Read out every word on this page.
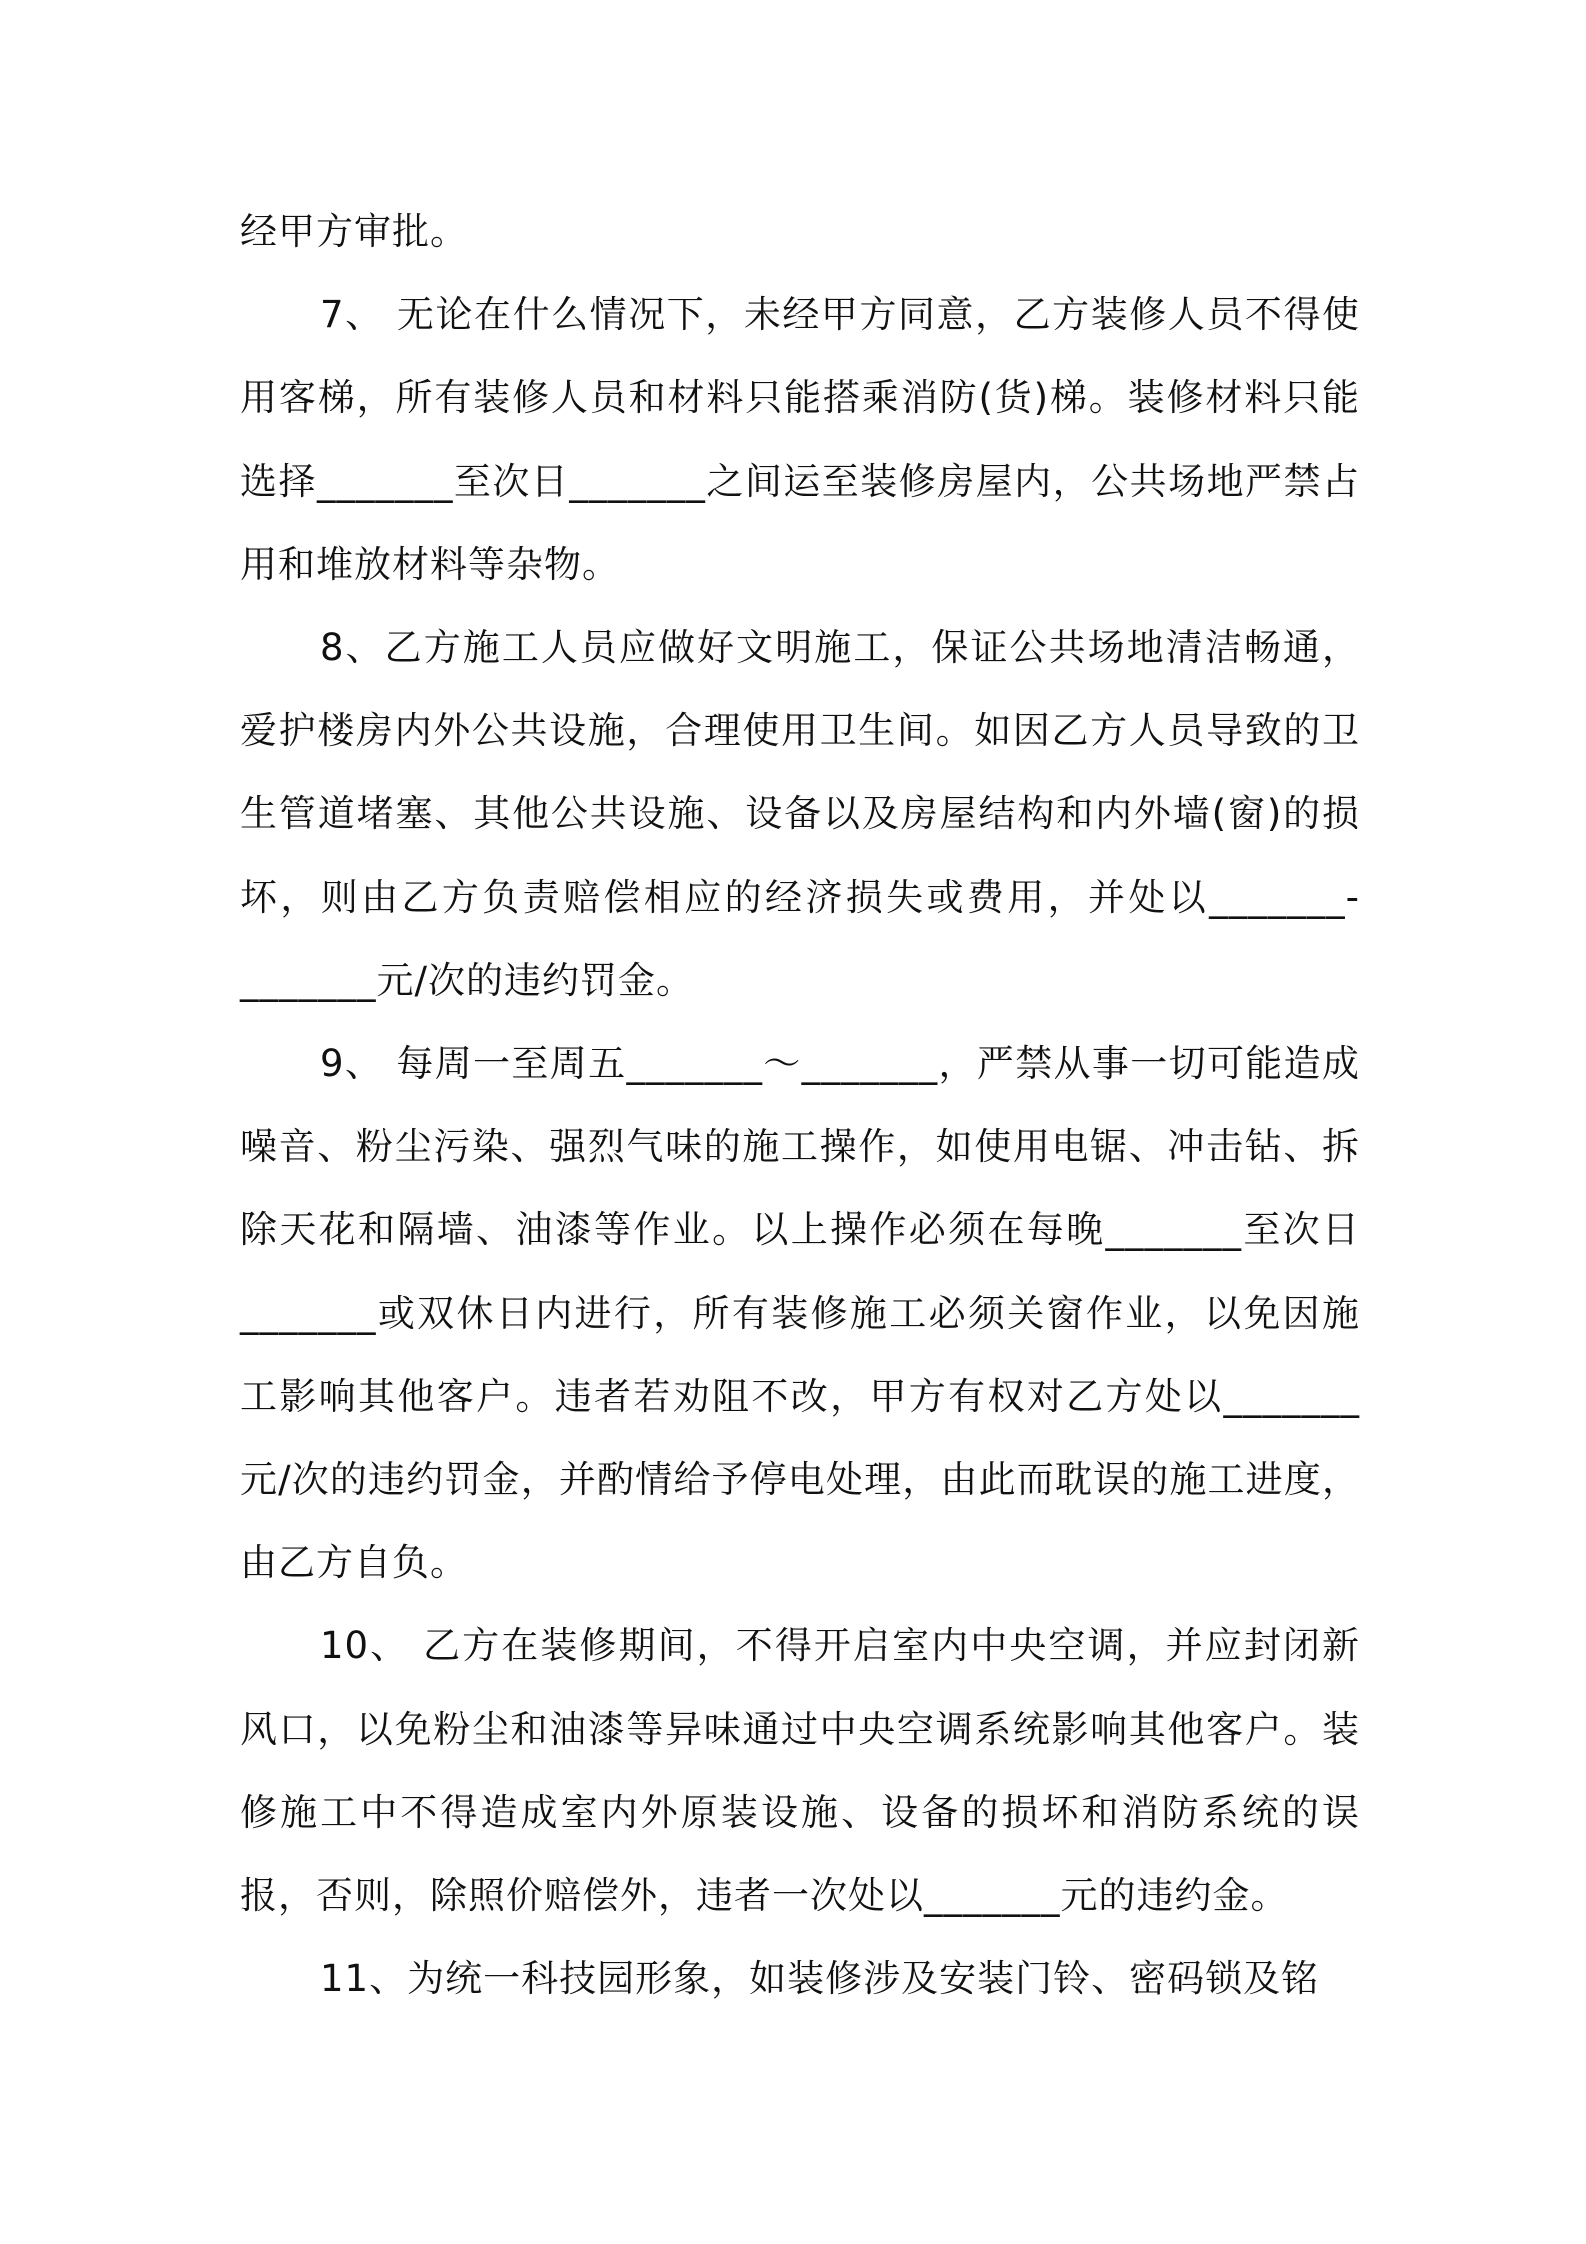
经甲方审批。

7、 无论在什么情况下，未经甲方同意，乙方装修人员不得使用客梯，所有装修人员和材料只能搭乘消防(货)梯。装修材料只能选择_______至次日_______之间运至装修房屋内，公共场地严禁占用和堆放材料等杂物。

8、乙方施工人员应做好文明施工，保证公共场地清洁畅通，爱护楼房内外公共设施，合理使用卫生间。如因乙方人员导致的卫生管道堵塞、其他公共设施、设备以及房屋结构和内外墙(窗)的损坏，则由乙方负责赔偿相应的经济损失或费用，并处以_______-_______元/次的违约罚金。

9、 每周一至周五_______～_______，严禁从事一切可能造成噪音、粉尘污染、强烈气味的施工操作，如使用电锯、冲击钻、拆除天花和隔墙、油漆等作业。以上操作必须在每晚_______至次日_______或双休日内进行，所有装修施工必须关窗作业，以免因施工影响其他客户。违者若劝阻不改，甲方有权对乙方处以_______元/次的违约罚金，并酌情给予停电处理，由此而耽误的施工进度，由乙方自负。

10、 乙方在装修期间，不得开启室内中央空调，并应封闭新风口，以免粉尘和油漆等异味通过中央空调系统影响其他客户。装修施工中不得造成室内外原装设施、设备的损坏和消防系统的误报，否则，除照价赔偿外，违者一次处以_______元的违约金。

11、为统一科技园形象，如装修涉及安装门铃、密码锁及铭
